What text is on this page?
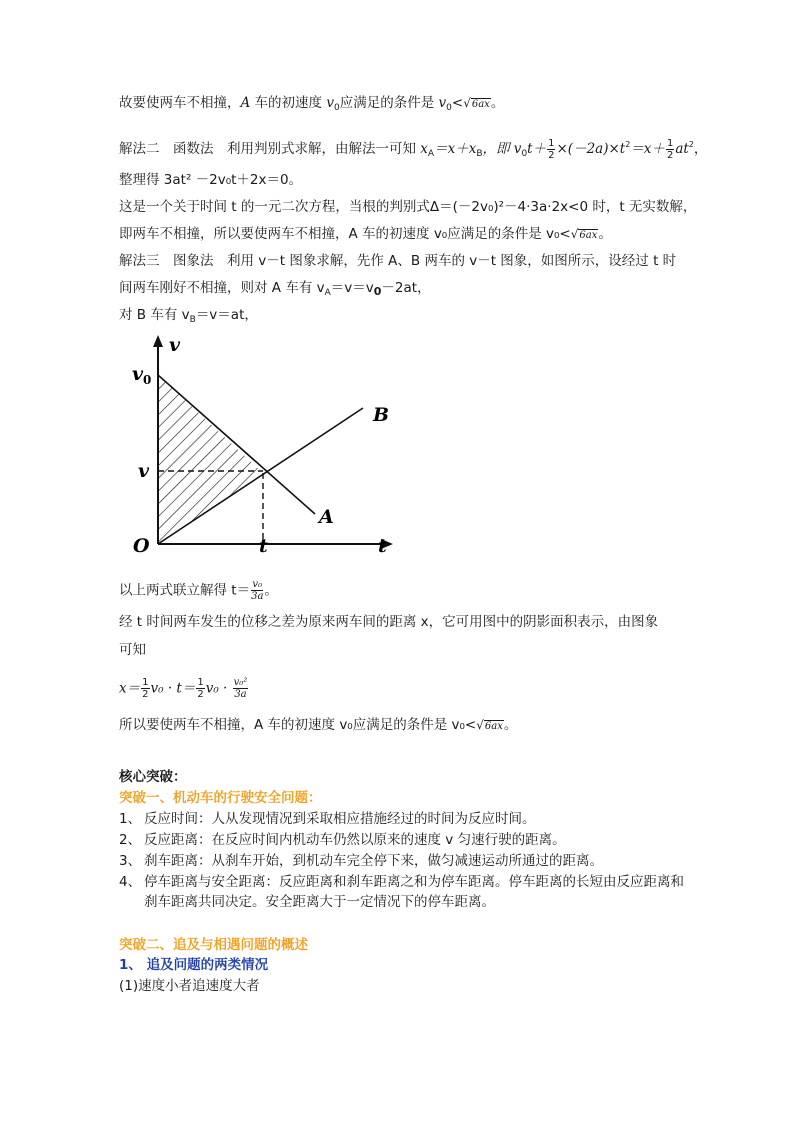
故要使两车不相撞，A 车的初速度 $v_0$应满足的条件是 $v_0<√6ax$。
解法二　函数法　利用判别式求解，由解法一可知 $x_A=x+x_B$，即 $v_0t+ \frac{1}{2} \times(-2a)\times t^2=x+ \frac{1}{2} at^2$，
整理得 3at² －2v₀t＋2x＝0。
这是一个关于时间 t 的一元二次方程，当根的判别式Δ＝(－2v₀)²－4·3a·2x<0 时，t 无实数解，
即两车不相撞，所以要使两车不相撞，A 车的初速度 v₀应满足的条件是 v₀<√6ax。
解法三　图象法　利用 v－t 图象求解，先作 A、B 两车的 v－t 图象，如图所示，设经过 t 时
间两车刚好不相撞，则对 A 车有 $v_A=v=v_0-2at$，
对 B 车有 $v_B=v=at$，
v
t
O
$v_0$
v
t
A
B
以上两式联立解得 $t= \frac{\text{v₀}}{3a}$ 。
经 t 时间两车发生的位移之差为原来两车间的距离 x，它可用图中的阴影面积表示，由图象
可知
$x= \frac{1}{2} v_0 \cdot t= \frac{1}{2} v_0 \cdot \frac{\text{v₀²}}{3a}$
所以要使两车不相撞，A 车的初速度 v₀应满足的条件是 v₀<√6ax。
核心突破：
突破一、机动车的行驶安全问题：
1、 反应时间：人从发现情况到采取相应措施经过的时间为反应时间。
2、 反应距离：在反应时间内机动车仍然以原来的速度 v 匀速行驶的距离。
3、 刹车距离：从刹车开始，到机动车完全停下来，做匀减速运动所通过的距离。
4、 停车距离与安全距离：反应距离和刹车距离之和为停车距离。停车距离的长短由反应距离和刹车距离共同决定。安全距离大于一定情况下的停车距离。
突破二、追及与相遇问题的概述
1、 追及问题的两类情况
(1)速度小者追速度大者
